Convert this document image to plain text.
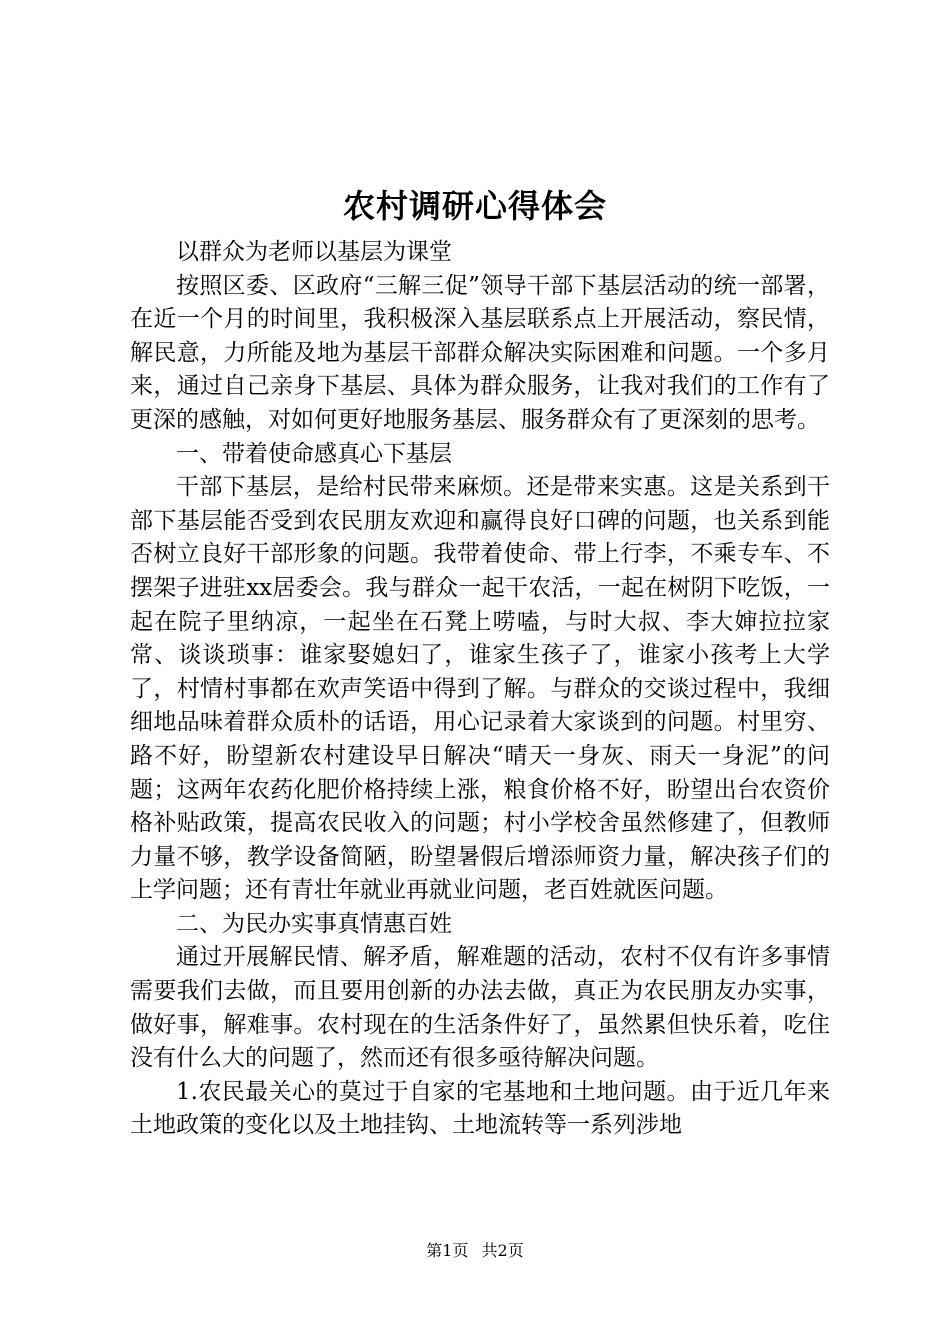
农村调研心得体会

以群众为老师以基层为课堂

按照区委、区政府“三解三促”领导干部下基层活动的统一部署，在近一个月的时间里，我积极深入基层联系点上开展活动，察民情，解民意，力所能及地为基层干部群众解决实际困难和问题。一个多月来，通过自己亲身下基层、具体为群众服务，让我对我们的工作有了更深的感触，对如何更好地服务基层、服务群众有了更深刻的思考。

一、带着使命感真心下基层

干部下基层，是给村民带来麻烦。还是带来实惠。这是关系到干部下基层能否受到农民朋友欢迎和赢得良好口碑的问题，也关系到能否树立良好干部形象的问题。我带着使命、带上行李，不乘专车、不摆架子进驻xx居委会。我与群众一起干农活，一起在树阴下吃饭，一起在院子里纳凉，一起坐在石凳上唠嗑，与时大叔、李大婶拉拉家常、谈谈琐事：谁家娶媳妇了，谁家生孩子了，谁家小孩考上大学了，村情村事都在欢声笑语中得到了解。与群众的交谈过程中，我细细地品味着群众质朴的话语，用心记录着大家谈到的问题。村里穷、路不好，盼望新农村建设早日解决“晴天一身灰、雨天一身泥”的问题；这两年农药化肥价格持续上涨，粮食价格不好，盼望出台农资价格补贴政策，提高农民收入的问题；村小学校舍虽然修建了，但教师力量不够，教学设备简陋，盼望暑假后增添师资力量，解决孩子们的上学问题；还有青壮年就业再就业问题，老百姓就医问题。

二、为民办实事真情惠百姓

通过开展解民情、解矛盾，解难题的活动，农村不仅有许多事情需要我们去做，而且要用创新的办法去做，真正为农民朋友办实事，做好事，解难事。农村现在的生活条件好了，虽然累但快乐着，吃住没有什么大的问题了，然而还有很多亟待解决问题。

1.农民最关心的莫过于自家的宅基地和土地问题。由于近几年来土地政策的变化以及土地挂钩、土地流转等一系列涉地

第1页 共2页
